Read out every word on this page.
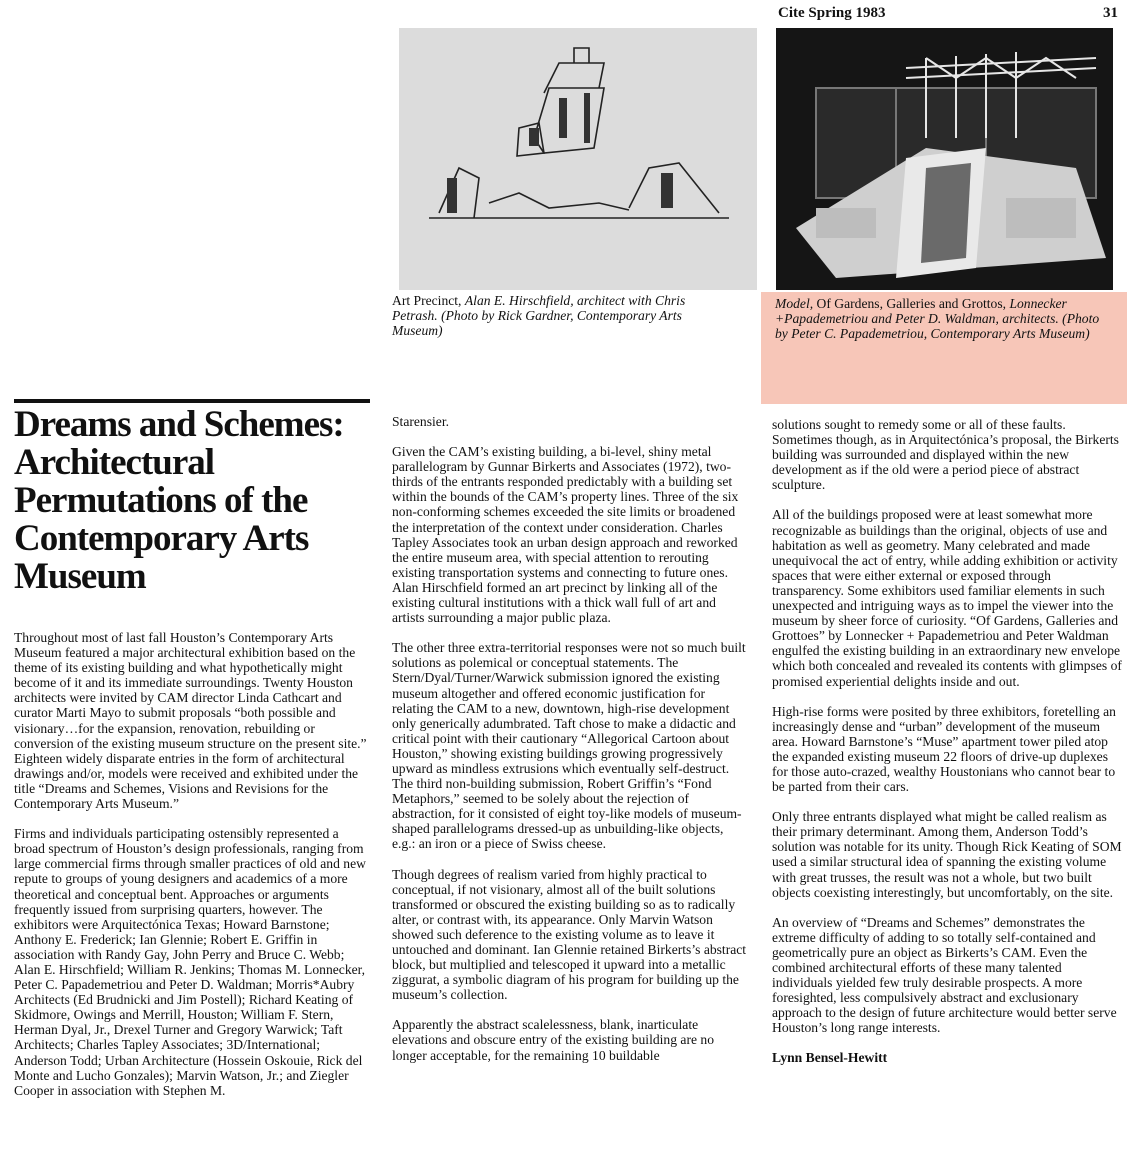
Cite Spring 1983	31
Art Precinct, Alan E. Hirschfield, architect with Chris Petrash. (Photo by Rick Gardner, Contemporary Arts Museum)
Model, Of Gardens, Galleries and Grottos, Lonnecker +Papademetriou and Peter D. Waldman, architects. (Photo by Peter C. Papademetriou, Contemporary Arts Museum)
Dreams and Schemes: Architectural Permutations of the Contemporary Arts Museum

Throughout most of last fall Houston’s Contemporary Arts Museum featured a major architectural exhibition based on the theme of its existing building and what hypothetically might become of it and its immediate surroundings. Twenty Houston architects were invited by CAM director Linda Cathcart and curator Marti Mayo to submit proposals “both possible and visionary…for the expansion, renovation, rebuilding or conversion of the existing museum structure on the present site.” Eighteen widely disparate entries in the form of architectural drawings and/or, models were received and exhibited under the title “Dreams and Schemes, Visions and Revisions for the Contemporary Arts Museum.”

Firms and individuals participating ostensibly represented a broad spectrum of Houston’s design professionals, ranging from large commercial firms through smaller practices of old and new repute to groups of young designers and academics of a more theoretical and conceptual bent. Approaches or arguments frequently issued from surprising quarters, however. The exhibitors were Arquitectónica Texas; Howard Barnstone; Anthony E. Frederick; Ian Glennie; Robert E. Griffin in association with Randy Gay, John Perry and Bruce C. Webb; Alan E. Hirschfield; William R. Jenkins; Thomas M. Lonnecker, Peter C. Papademetriou and Peter D. Waldman; Morris*Aubry Architects (Ed Brudnicki and Jim Postell); Richard Keating of Skidmore, Owings and Merrill, Houston; William F. Stern, Herman Dyal, Jr., Drexel Turner and Gregory Warwick; Taft Architects; Charles Tapley Associates; 3D/International; Anderson Todd; Urban Architecture (Hossein Oskouie, Rick del Monte and Lucho Gonzales); Marvin Watson, Jr.; and Ziegler Cooper in association with Stephen M.

Starensier.

Given the CAM’s existing building, a bi-level, shiny metal parallelogram by Gunnar Birkerts and Associates (1972), two-thirds of the entrants responded predictably with a building set within the bounds of the CAM’s property lines. Three of the six non-conforming schemes exceeded the site limits or broadened the interpretation of the context under consideration. Charles Tapley Associates took an urban design approach and reworked the entire museum area, with special attention to rerouting existing transportation systems and connecting to future ones. Alan Hirschfield formed an art precinct by linking all of the existing cultural institutions with a thick wall full of art and artists surrounding a major public plaza.

The other three extra-territorial responses were not so much built solutions as polemical or conceptual statements. The Stern/Dyal/Turner/Warwick submission ignored the existing museum altogether and offered economic justification for relating the CAM to a new, downtown, high-rise development only generically adumbrated. Taft chose to make a didactic and critical point with their cautionary “Allegorical Cartoon about Houston,” showing existing buildings growing progressively upward as mindless extrusions which eventually self-destruct. The third non-building submission, Robert Griffin’s “Fond Metaphors,” seemed to be solely about the rejection of abstraction, for it consisted of eight toy-like models of museum-shaped parallelograms dressed-up as unbuilding-like objects, e.g.: an iron or a piece of Swiss cheese.

Though degrees of realism varied from highly practical to conceptual, if not visionary, almost all of the built solutions transformed or obscured the existing building so as to radically alter, or contrast with, its appearance. Only Marvin Watson showed such deference to the existing volume as to leave it untouched and dominant. Ian Glennie retained Birkerts’s abstract block, but multiplied and telescoped it upward into a metallic ziggurat, a symbolic diagram of his program for building up the museum’s collection.

Apparently the abstract scalelessness, blank, inarticulate elevations and obscure entry of the existing building are no longer acceptable, for the remaining 10 buildable

solutions sought to remedy some or all of these faults. Sometimes though, as in Arquitectónica’s proposal, the Birkerts building was surrounded and displayed within the new development as if the old were a period piece of abstract sculpture.

All of the buildings proposed were at least somewhat more recognizable as buildings than the original, objects of use and habitation as well as geometry. Many celebrated and made unequivocal the act of entry, while adding exhibition or activity spaces that were either external or exposed through transparency. Some exhibitors used familiar elements in such unexpected and intriguing ways as to impel the viewer into the museum by sheer force of curiosity. “Of Gardens, Galleries and Grottoes” by Lonnecker + Papademetriou and Peter Waldman engulfed the existing building in an extraordinary new envelope which both concealed and revealed its contents with glimpses of promised experiential delights inside and out.

High-rise forms were posited by three exhibitors, foretelling an increasingly dense and “urban” development of the museum area. Howard Barnstone’s “Muse” apartment tower piled atop the expanded existing museum 22 floors of drive-up duplexes for those auto-crazed, wealthy Houstonians who cannot bear to be parted from their cars.

Only three entrants displayed what might be called realism as their primary determinant. Among them, Anderson Todd’s solution was notable for its unity. Though Rick Keating of SOM used a similar structural idea of spanning the existing volume with great trusses, the result was not a whole, but two built objects coexisting interestingly, but uncomfortably, on the site.

An overview of “Dreams and Schemes” demonstrates the extreme difficulty of adding to so totally self-contained and geometrically pure an object as Birkerts’s CAM. Even the combined architectural efforts of these many talented individuals yielded few truly desirable prospects. A more foresighted, less compulsively abstract and exclusionary approach to the design of future architecture would better serve Houston’s long range interests.

Lynn Bensel-Hewitt
